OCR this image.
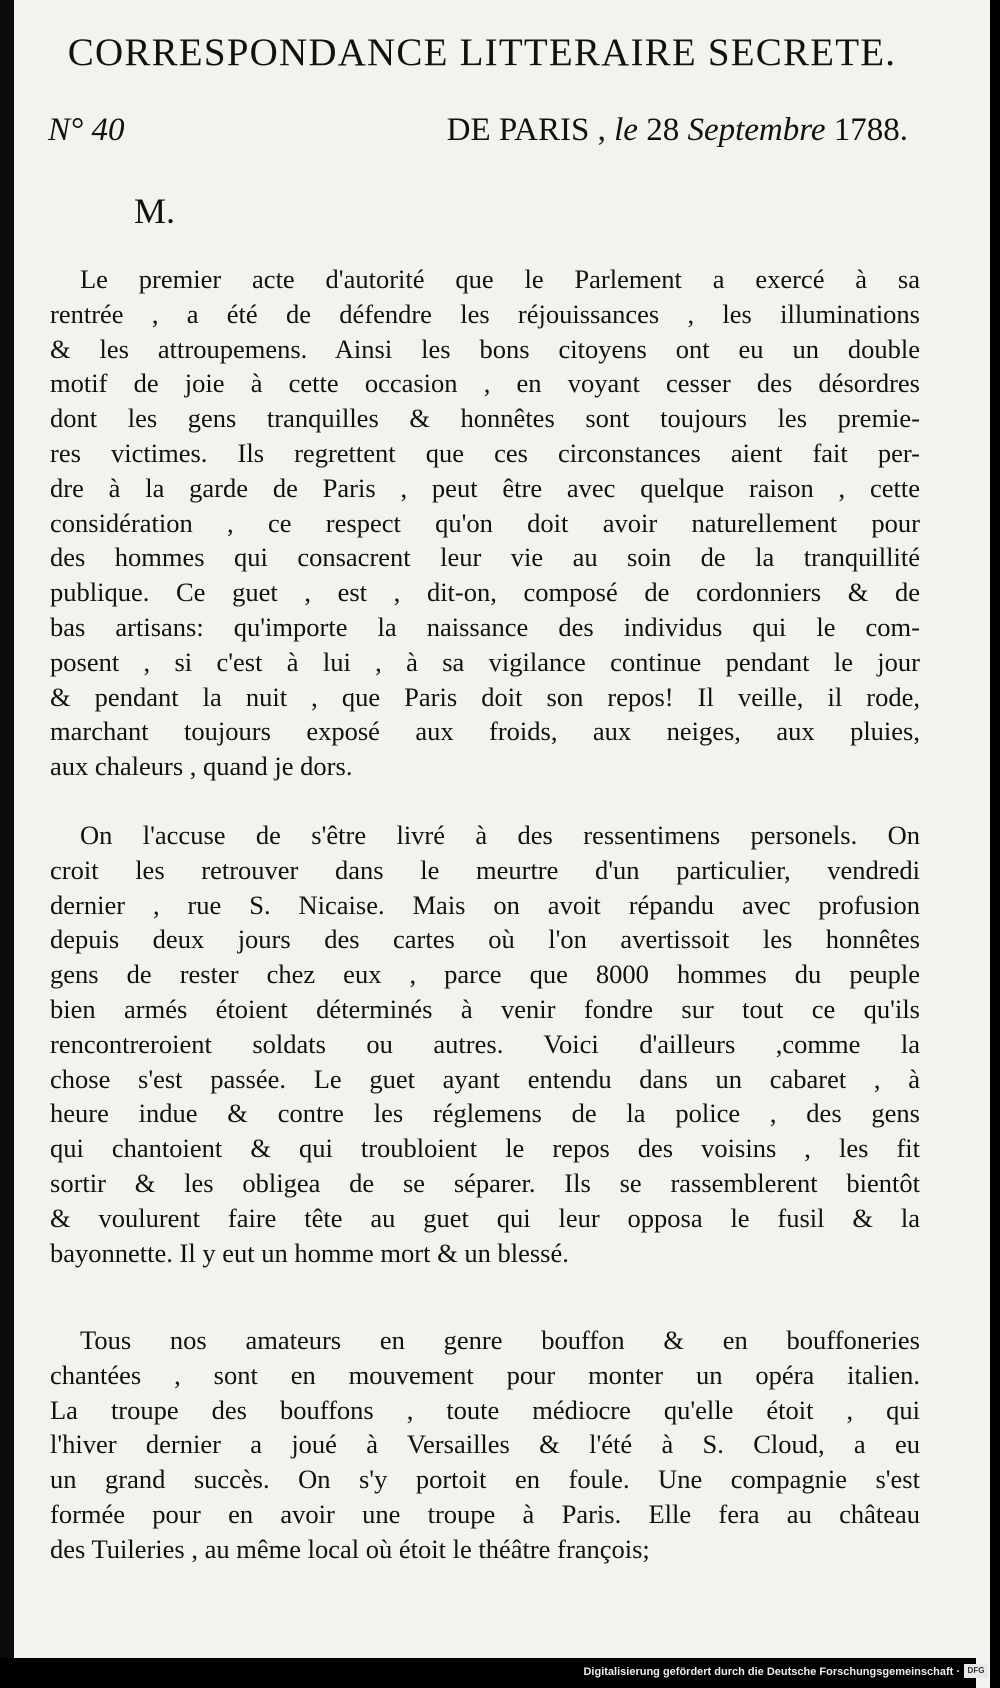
CORRESPONDANCE LITTERAIRE SECRETE.
N° 40	DE PARIS , le 28 Septembre 1788.
M.
Le premier acte d'autorité que le Parlement a exercé à sa
rentrée , a été de défendre les réjouissances , les illuminations
& les attroupemens. Ainsi les bons citoyens ont eu un double
motif de joie à cette occasion , en voyant cesser des désordres
dont les gens tranquilles & honnêtes sont toujours les premie-
res victimes. Ils regrettent que ces circonstances aient fait per-
dre à la garde de Paris , peut être avec quelque raison , cette
considération , ce respect qu'on doit avoir naturellement pour
des hommes qui consacrent leur vie au soin de la tranquillité
publique. Ce guet , est , dit-on, composé de cordonniers & de
bas artisans: qu'importe la naissance des individus qui le com-
posent , si c'est à lui , à sa vigilance continue pendant le jour
& pendant la nuit , que Paris doit son repos! Il veille, il rode,
marchant toujours exposé aux froids, aux neiges, aux pluies,
aux chaleurs , quand je dors.
On l'accuse de s'être livré à des ressentimens personels. On
croit les retrouver dans le meurtre d'un particulier, vendredi
dernier , rue S. Nicaise. Mais on avoit répandu avec profusion
depuis deux jours des cartes où l'on avertissoit les honnêtes
gens de rester chez eux , parce que 8000 hommes du peuple
bien armés étoient déterminés à venir fondre sur tout ce qu'ils
rencontreroient soldats ou autres. Voici d'ailleurs ,comme la
chose s'est passée. Le guet ayant entendu dans un cabaret , à
heure indue & contre les réglemens de la police , des gens
qui chantoient & qui troubloient le repos des voisins , les fit
sortir & les obligea de se séparer. Ils se rassemblerent bientôt
& voulurent faire tête au guet qui leur opposa le fusil & la
bayonnette. Il y eut un homme mort & un blessé.
Tous nos amateurs en genre bouffon & en bouffoneries
chantées , sont en mouvement pour monter un opéra italien.
La troupe des bouffons , toute médiocre qu'elle étoit , qui
l'hiver dernier a joué à Versailles & l'été à S. Cloud, a eu
un grand succès. On s'y portoit en foule. Une compagnie s'est
formée pour en avoir une troupe à Paris. Elle fera au château
des Tuileries , au même local où étoit le théâtre françois;
Digitalisierung gefördert durch die Deutsche Forschungsgemeinschaft · DFG
